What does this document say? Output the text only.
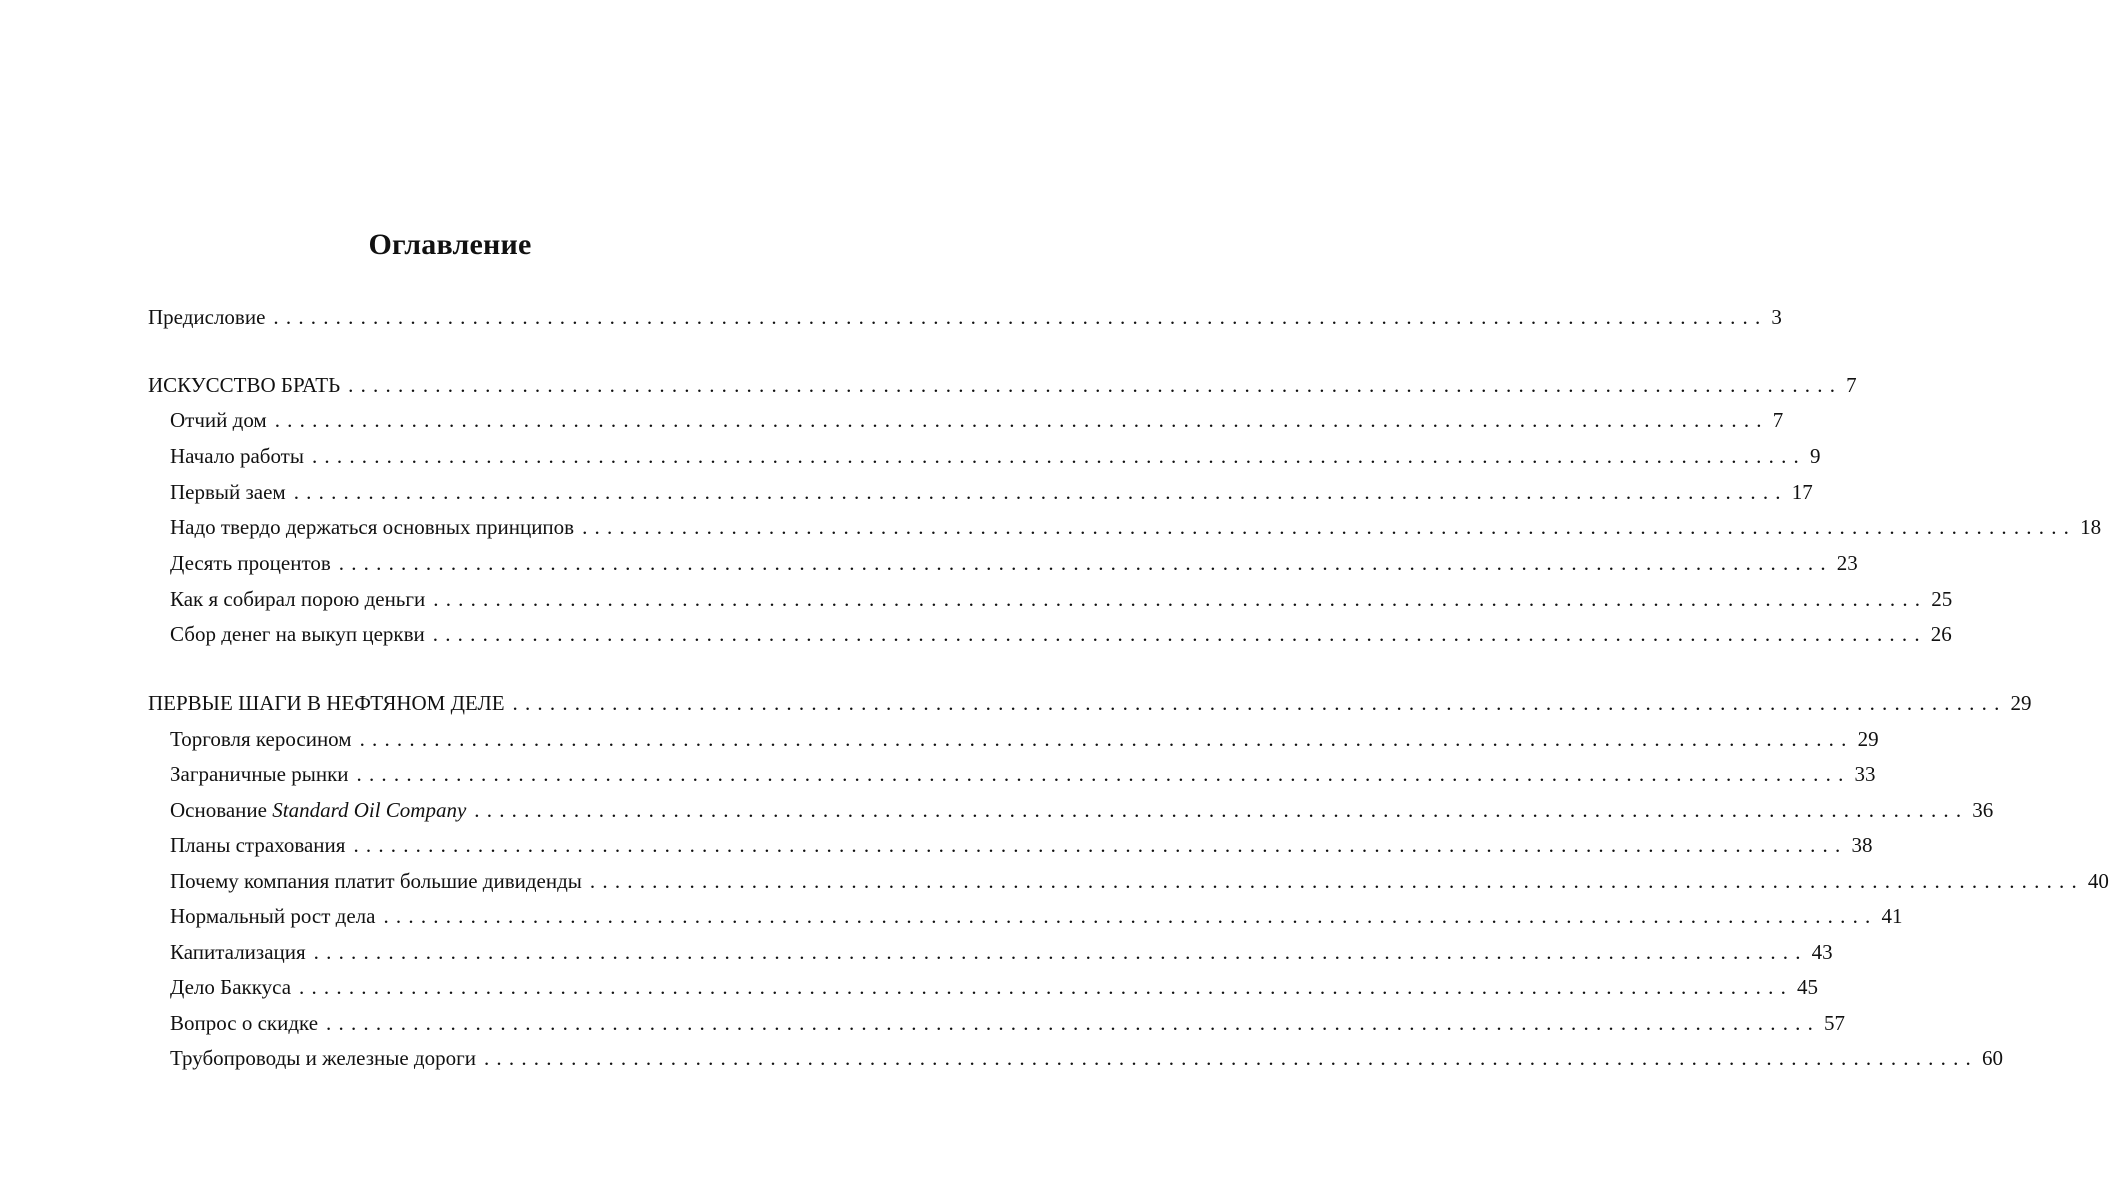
Оглавление
Предисловие ........................................................................................................................ 3
ИСКУССТВО БРАТЬ ........................................................................................................................ 7
Отчий дом ........................................................................................................................ 7
Начало работы ........................................................................................................................ 9
Первый заем ........................................................................................................................ 17
Надо твердо держаться основных принципов ........................................................................................................................ 18
Десять процентов ........................................................................................................................ 23
Как я собирал порою деньги ........................................................................................................................ 25
Сбор денег на выкуп церкви ........................................................................................................................ 26
ПЕРВЫЕ ШАГИ В НЕФТЯНОМ ДЕЛЕ ........................................................................................................................ 29
Торговля керосином ........................................................................................................................ 29
Заграничные рынки ........................................................................................................................ 33
Основание Standard Oil Company ........................................................................................................................ 36
Планы страхования ........................................................................................................................ 38
Почему компания платит большие дивиденды ........................................................................................................................ 40
Нормальный рост дела ........................................................................................................................ 41
Капитализация ........................................................................................................................ 43
Дело Баккуса ........................................................................................................................ 45
Вопрос о скидке ........................................................................................................................ 57
Трубопроводы и железные дороги ........................................................................................................................ 60
